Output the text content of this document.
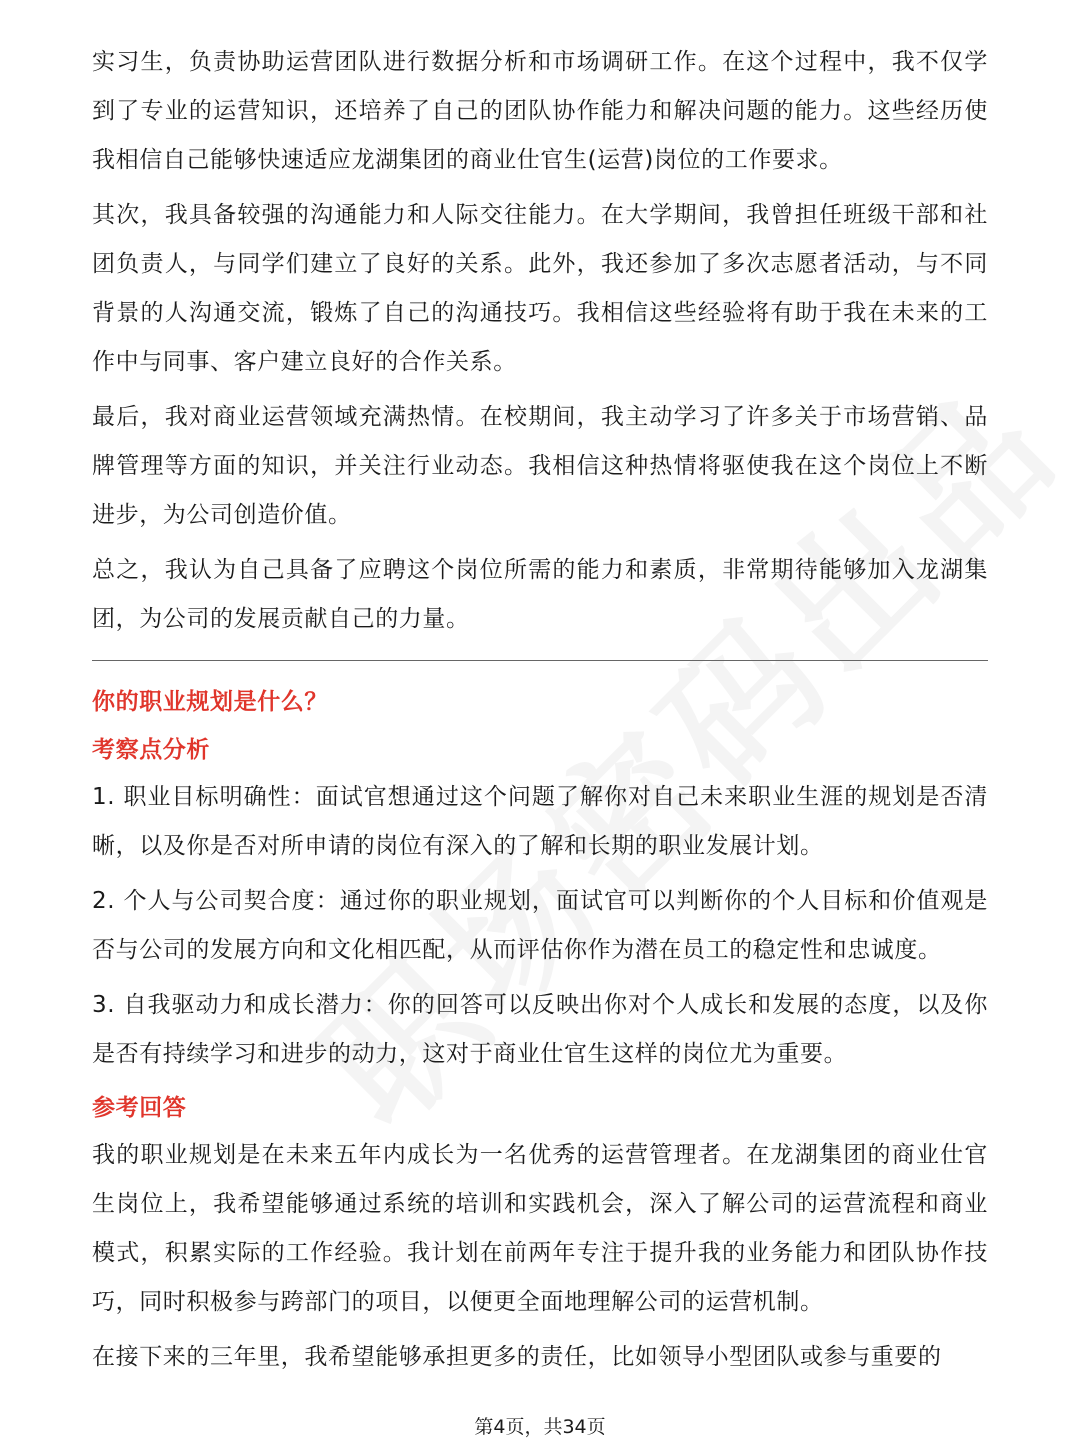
实习生，负责协助运营团队进行数据分析和市场调研工作。在这个过程中，我不仅学到了专业的运营知识，还培养了自己的团队协作能力和解决问题的能力。这些经历使我相信自己能够快速适应龙湖集团的商业仕官生(运营)岗位的工作要求。

其次，我具备较强的沟通能力和人际交往能力。在大学期间，我曾担任班级干部和社团负责人，与同学们建立了良好的关系。此外，我还参加了多次志愿者活动，与不同背景的人沟通交流，锻炼了自己的沟通技巧。我相信这些经验将有助于我在未来的工作中与同事、客户建立良好的合作关系。

最后，我对商业运营领域充满热情。在校期间，我主动学习了许多关于市场营销、品牌管理等方面的知识，并关注行业动态。我相信这种热情将驱使我在这个岗位上不断进步，为公司创造价值。

总之，我认为自己具备了应聘这个岗位所需的能力和素质，非常期待能够加入龙湖集团，为公司的发展贡献自己的力量。

你的职业规划是什么？
考察点分析

1. 职业目标明确性：面试官想通过这个问题了解你对自己未来职业生涯的规划是否清晰，以及你是否对所申请的岗位有深入的了解和长期的职业发展计划。

2. 个人与公司契合度：通过你的职业规划，面试官可以判断你的个人目标和价值观是否与公司的发展方向和文化相匹配，从而评估你作为潜在员工的稳定性和忠诚度。

3. 自我驱动力和成长潜力：你的回答可以反映出你对个人成长和发展的态度，以及你是否有持续学习和进步的动力，这对于商业仕官生这样的岗位尤为重要。

参考回答

我的职业规划是在未来五年内成长为一名优秀的运营管理者。在龙湖集团的商业仕官生岗位上，我希望能够通过系统的培训和实践机会，深入了解公司的运营流程和商业模式，积累实际的工作经验。我计划在前两年专注于提升我的业务能力和团队协作技巧，同时积极参与跨部门的项目，以便更全面地理解公司的运营机制。

在接下来的三年里，我希望能够承担更多的责任，比如领导小型团队或参与重要的

第4页，共34页
